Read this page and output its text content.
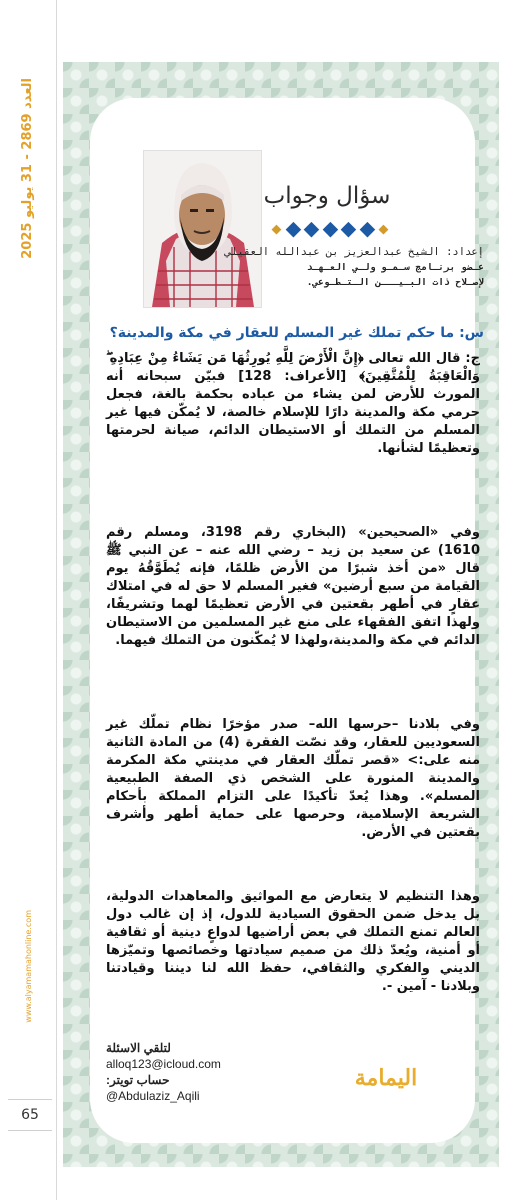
العدد 2869 - 31 يوليو 2025
www.alyamamahonline.com
65
سؤال وجواب
إعداد: الشيخ عبدالعزيز بن عبدالله العقيلي
عـضو برنـامج سـمـو ولـي العـهـد
لإصـلاح ذات البـيـــن الـتـطـوعي.
س: ما حكم تملك غير المسلم للعقار في مكة والمدينة؟

ج: قال الله تعالى ﴿إِنَّ الْأَرْضَ لِلَّهِ يُورِثُهَا مَن يَشَاءُ مِنْ عِبَادِهِ ۖ وَالْعَاقِبَةُ لِلْمُتَّقِينَ﴾ [الأعراف: 128] فبيّن سبحانه أنه المورث للأرض لمن يشاء من عباده بحكمة بالغة، فجعل حرمي مكة والمدينة دارًا للإسلام خالصة، لا يُمكّن فيها غير المسلم من التملك أو الاستيطان الدائم، صيانة لحرمتها وتعظيمًا لشأنها.

وفي «الصحيحين» (البخاري رقم 3198، ومسلم رقم 1610) عن سعيد بن زيد – رضي الله عنه – عن النبي ﷺ قال «من أخذ شبرًا من الأرض ظلمًا، فإنه يُطَوَّقُهُ يوم القيامة من سبع أرضين» فغير المسلم لا حق له في امتلاك عقارٍ في أطهر بقعتين في الأرض تعظيمًا لهما وتشريفًا، ولهذا اتفق الفقهاء على منع غير المسلمين من الاستيطان الدائم في مكة والمدينة،ولهذا لا يُمكّنون من التملك فيهما.

وفي بلادنا –حرسها الله– صدر مؤخرًا نظام تملّك غير السعوديين للعقار، وقد نصّت الفقرة (4) من المادة الثانية منه على:> «قصر تملّك العقار في مدينتي مكة المكرمة والمدينة المنورة على الشخص ذي الصفة الطبيعية المسلم». وهذا يُعدّ تأكيدًا على التزام المملكة بأحكام الشريعة الإسلامية، وحرصها على حماية أطهر وأشرف بقعتين في الأرض.

وهذا التنظيم لا يتعارض مع المواثيق والمعاهدات الدولية، بل يدخل ضمن الحقوق السيادية للدول، إذ إن غالب دول العالم تمنع التملك في بعض أراضيها لدواعٍ دينية أو ثقافية أو أمنية، ويُعدّ ذلك من صميم سيادتها وخصائصها وتميّزها الديني والفكري والثقافي، حفظ الله لنا ديننا وقيادتنا وبلادنا - آمين -.

لتلقي الاسئلة
alloq123@icloud.com
حساب تويتر:
@Abdulaziz_Aqili
اليمامة
